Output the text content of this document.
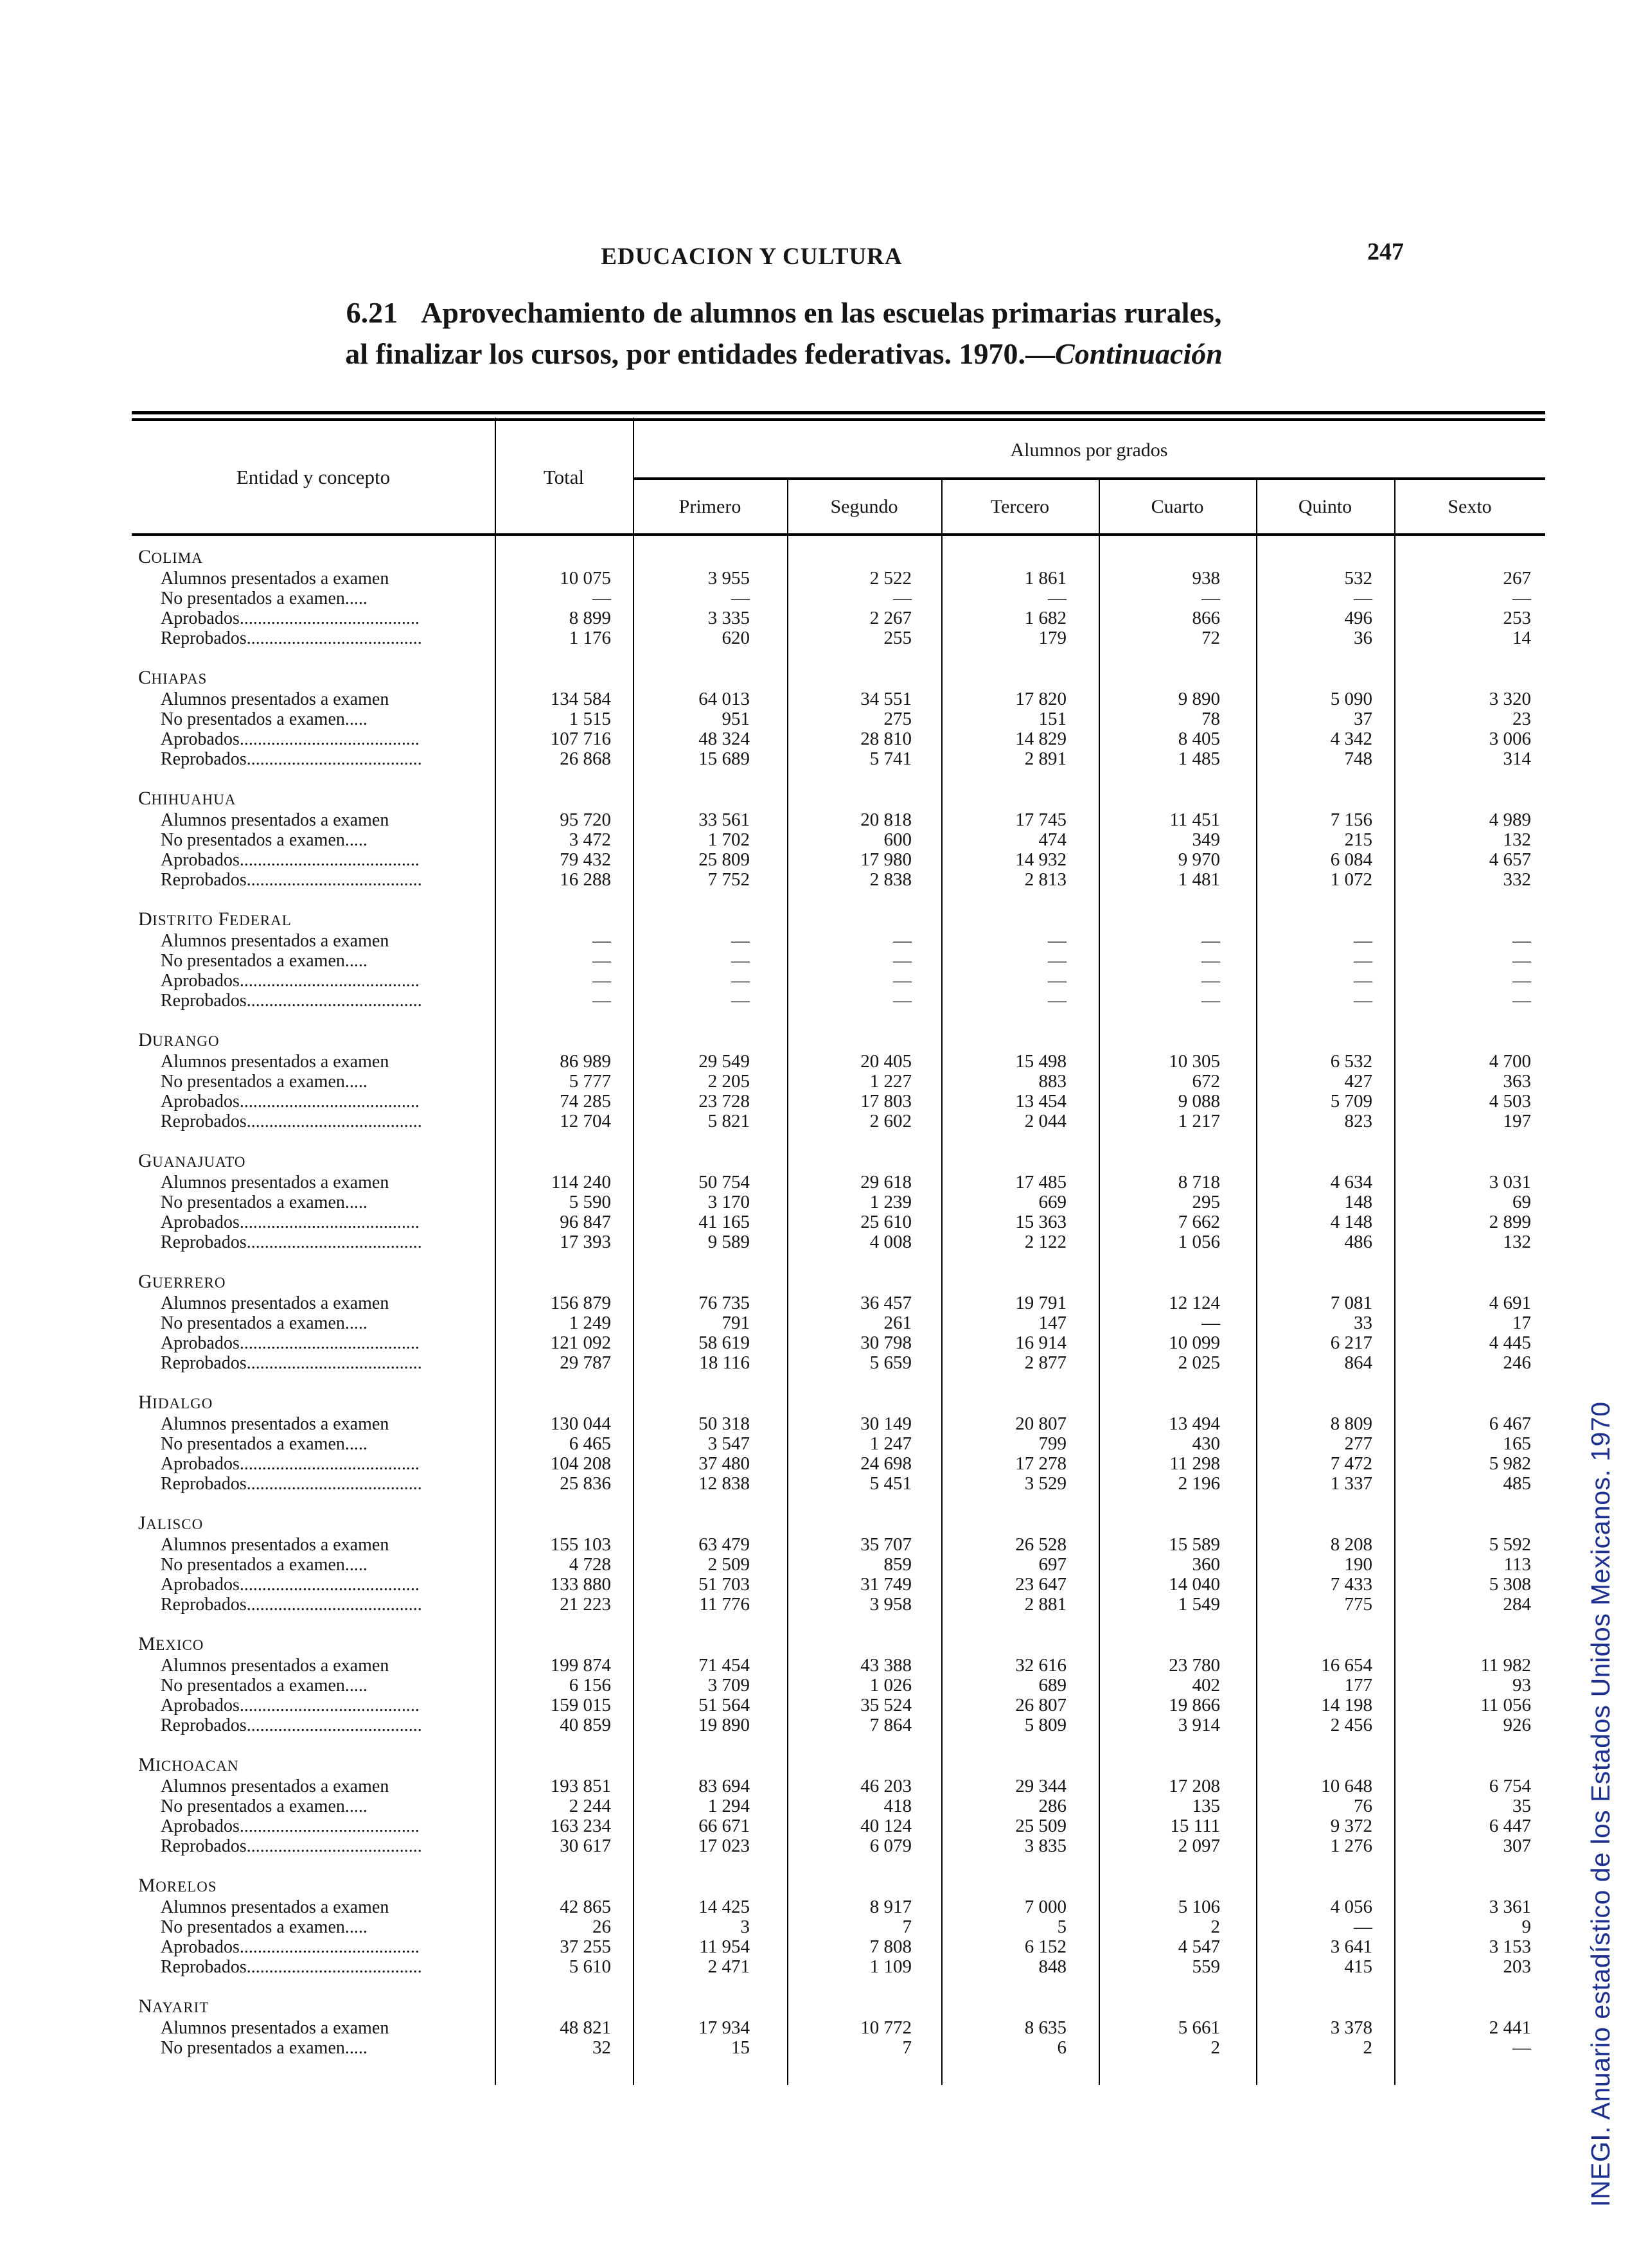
EDUCACION Y CULTURA	247
6.21 Aprovechamiento de alumnos en las escuelas primarias rurales,
al finalizar los cursos, por entidades federativas. 1970.—Continuación
Entidad y concepto	Total
Alumnos por grados
Primero	Segundo	Tercero	Cuarto	Quinto	Sexto
COLIMA
Alumnos presentados a examen	10 075	3 955	2 522	1 861	938	532	267
No presentados a examen.....	—	—	—	—	—	—	—
Aprobados........................................	8 899	3 335	2 267	1 682	866	496	253
Reprobados.......................................	1 176	620	255	179	72	36	14
CHIAPAS
Alumnos presentados a examen	134 584	64 013	34 551	17 820	9 890	5 090	3 320
No presentados a examen.....	1 515	951	275	151	78	37	23
Aprobados........................................	107 716	48 324	28 810	14 829	8 405	4 342	3 006
Reprobados.......................................	26 868	15 689	5 741	2 891	1 485	748	314
CHIHUAHUA
Alumnos presentados a examen	95 720	33 561	20 818	17 745	11 451	7 156	4 989
No presentados a examen.....	3 472	1 702	600	474	349	215	132
Aprobados........................................	79 432	25 809	17 980	14 932	9 970	6 084	4 657
Reprobados.......................................	16 288	7 752	2 838	2 813	1 481	1 072	332
DISTRITO FEDERAL
Alumnos presentados a examen	—	—	—	—	—	—	—
No presentados a examen.....	—	—	—	—	—	—	—
Aprobados........................................	—	—	—	—	—	—	—
Reprobados.......................................	—	—	—	—	—	—	—
DURANGO
Alumnos presentados a examen	86 989	29 549	20 405	15 498	10 305	6 532	4 700
No presentados a examen.....	5 777	2 205	1 227	883	672	427	363
Aprobados........................................	74 285	23 728	17 803	13 454	9 088	5 709	4 503
Reprobados.......................................	12 704	5 821	2 602	2 044	1 217	823	197
GUANAJUATO
Alumnos presentados a examen	114 240	50 754	29 618	17 485	8 718	4 634	3 031
No presentados a examen.....	5 590	3 170	1 239	669	295	148	69
Aprobados........................................	96 847	41 165	25 610	15 363	7 662	4 148	2 899
Reprobados.......................................	17 393	9 589	4 008	2 122	1 056	486	132
GUERRERO
Alumnos presentados a examen	156 879	76 735	36 457	19 791	12 124	7 081	4 691
No presentados a examen.....	1 249	791	261	147	—	33	17
Aprobados........................................	121 092	58 619	30 798	16 914	10 099	6 217	4 445
Reprobados.......................................	29 787	18 116	5 659	2 877	2 025	864	246
HIDALGO
Alumnos presentados a examen	130 044	50 318	30 149	20 807	13 494	8 809	6 467
No presentados a examen.....	6 465	3 547	1 247	799	430	277	165
Aprobados........................................	104 208	37 480	24 698	17 278	11 298	7 472	5 982
Reprobados.......................................	25 836	12 838	5 451	3 529	2 196	1 337	485
JALISCO
Alumnos presentados a examen	155 103	63 479	35 707	26 528	15 589	8 208	5 592
No presentados a examen.....	4 728	2 509	859	697	360	190	113
Aprobados........................................	133 880	51 703	31 749	23 647	14 040	7 433	5 308
Reprobados.......................................	21 223	11 776	3 958	2 881	1 549	775	284
MEXICO
Alumnos presentados a examen	199 874	71 454	43 388	32 616	23 780	16 654	11 982
No presentados a examen.....	6 156	3 709	1 026	689	402	177	93
Aprobados........................................	159 015	51 564	35 524	26 807	19 866	14 198	11 056
Reprobados.......................................	40 859	19 890	7 864	5 809	3 914	2 456	926
MICHOACAN
Alumnos presentados a examen	193 851	83 694	46 203	29 344	17 208	10 648	6 754
No presentados a examen.....	2 244	1 294	418	286	135	76	35
Aprobados........................................	163 234	66 671	40 124	25 509	15 111	9 372	6 447
Reprobados.......................................	30 617	17 023	6 079	3 835	2 097	1 276	307
MORELOS
Alumnos presentados a examen	42 865	14 425	8 917	7 000	5 106	4 056	3 361
No presentados a examen.....	26	3	7	5	2	—	9
Aprobados........................................	37 255	11 954	7 808	6 152	4 547	3 641	3 153
Reprobados.......................................	5 610	2 471	1 109	848	559	415	203
NAYARIT
Alumnos presentados a examen	48 821	17 934	10 772	8 635	5 661	3 378	2 441
No presentados a examen.....	32	15	7	6	2	2	—	INEGI. Anuario estadístico de los Estados Unidos Mexicanos. 1970
